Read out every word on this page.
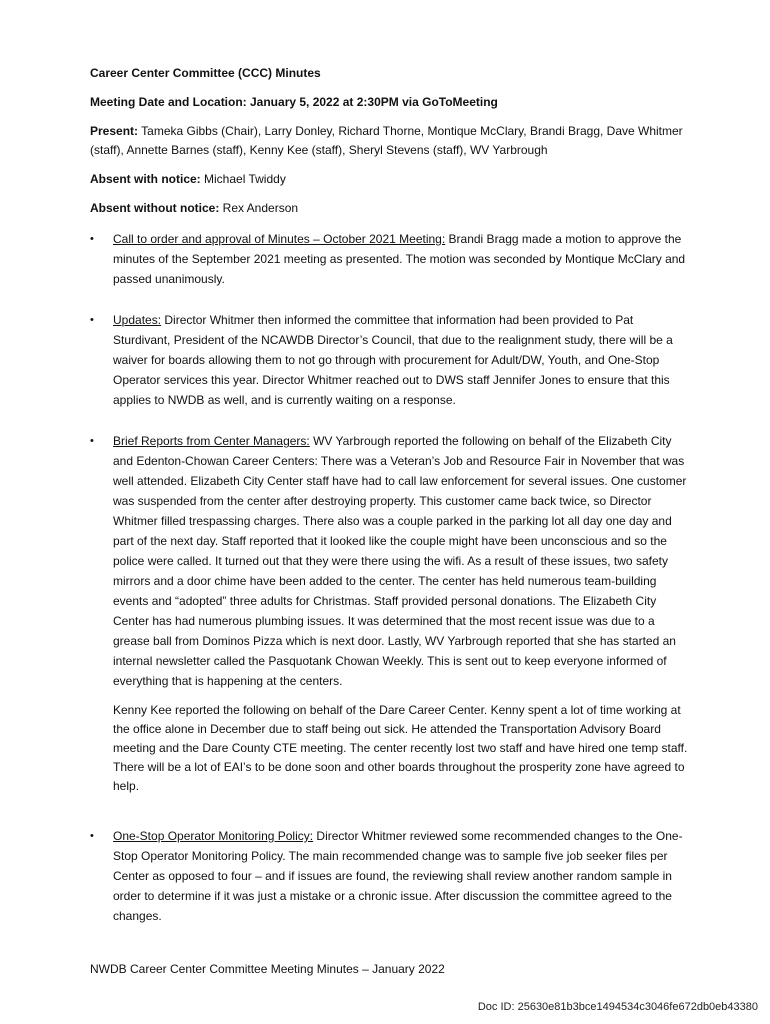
Career Center Committee (CCC) Minutes

Meeting Date and Location: January 5, 2022 at 2:30PM via GoToMeeting

Present: Tameka Gibbs (Chair), Larry Donley, Richard Thorne, Montique McClary, Brandi Bragg, Dave Whitmer (staff), Annette Barnes (staff), Kenny Kee (staff), Sheryl Stevens (staff), WV Yarbrough

Absent with notice: Michael Twiddy

Absent without notice: Rex Anderson

• Call to order and approval of Minutes – October 2021 Meeting: Brandi Bragg made a motion to approve the minutes of the September 2021 meeting as presented. The motion was seconded by Montique McClary and passed unanimously.
• Updates: Director Whitmer then informed the committee that information had been provided to Pat Sturdivant, President of the NCAWDB Director’s Council, that due to the realignment study, there will be a waiver for boards allowing them to not go through with procurement for Adult/DW, Youth, and One-Stop Operator services this year. Director Whitmer reached out to DWS staff Jennifer Jones to ensure that this applies to NWDB as well, and is currently waiting on a response.
• Brief Reports from Center Managers: WV Yarbrough reported the following on behalf of the Elizabeth City and Edenton-Chowan Career Centers: There was a Veteran’s Job and Resource Fair in November that was well attended. Elizabeth City Center staff have had to call law enforcement for several issues. One customer was suspended from the center after destroying property. This customer came back twice, so Director Whitmer filled trespassing charges. There also was a couple parked in the parking lot all day one day and part of the next day. Staff reported that it looked like the couple might have been unconscious and so the police were called. It turned out that they were there using the wifi. As a result of these issues, two safety mirrors and a door chime have been added to the center. The center has held numerous team-building events and “adopted” three adults for Christmas. Staff provided personal donations. The Elizabeth City Center has had numerous plumbing issues. It was determined that the most recent issue was due to a grease ball from Dominos Pizza which is next door. Lastly, WV Yarbrough reported that she has started an internal newsletter called the Pasquotank Chowan Weekly. This is sent out to keep everyone informed of everything that is happening at the centers.

Kenny Kee reported the following on behalf of the Dare Career Center. Kenny spent a lot of time working at the office alone in December due to staff being out sick. He attended the Transportation Advisory Board meeting and the Dare County CTE meeting. The center recently lost two staff and have hired one temp staff. There will be a lot of EAI’s to be done soon and other boards throughout the prosperity zone have agreed to help.

• One-Stop Operator Monitoring Policy: Director Whitmer reviewed some recommended changes to the One-Stop Operator Monitoring Policy. The main recommended change was to sample five job seeker files per Center as opposed to four – and if issues are found, the reviewing shall review another random sample in order to determine if it was just a mistake or a chronic issue. After discussion the committee agreed to the changes.
NWDB Career Center Committee Meeting Minutes – January 2022
Doc ID: 25630e81b3bce1494534c3046fe672db0eb43380
